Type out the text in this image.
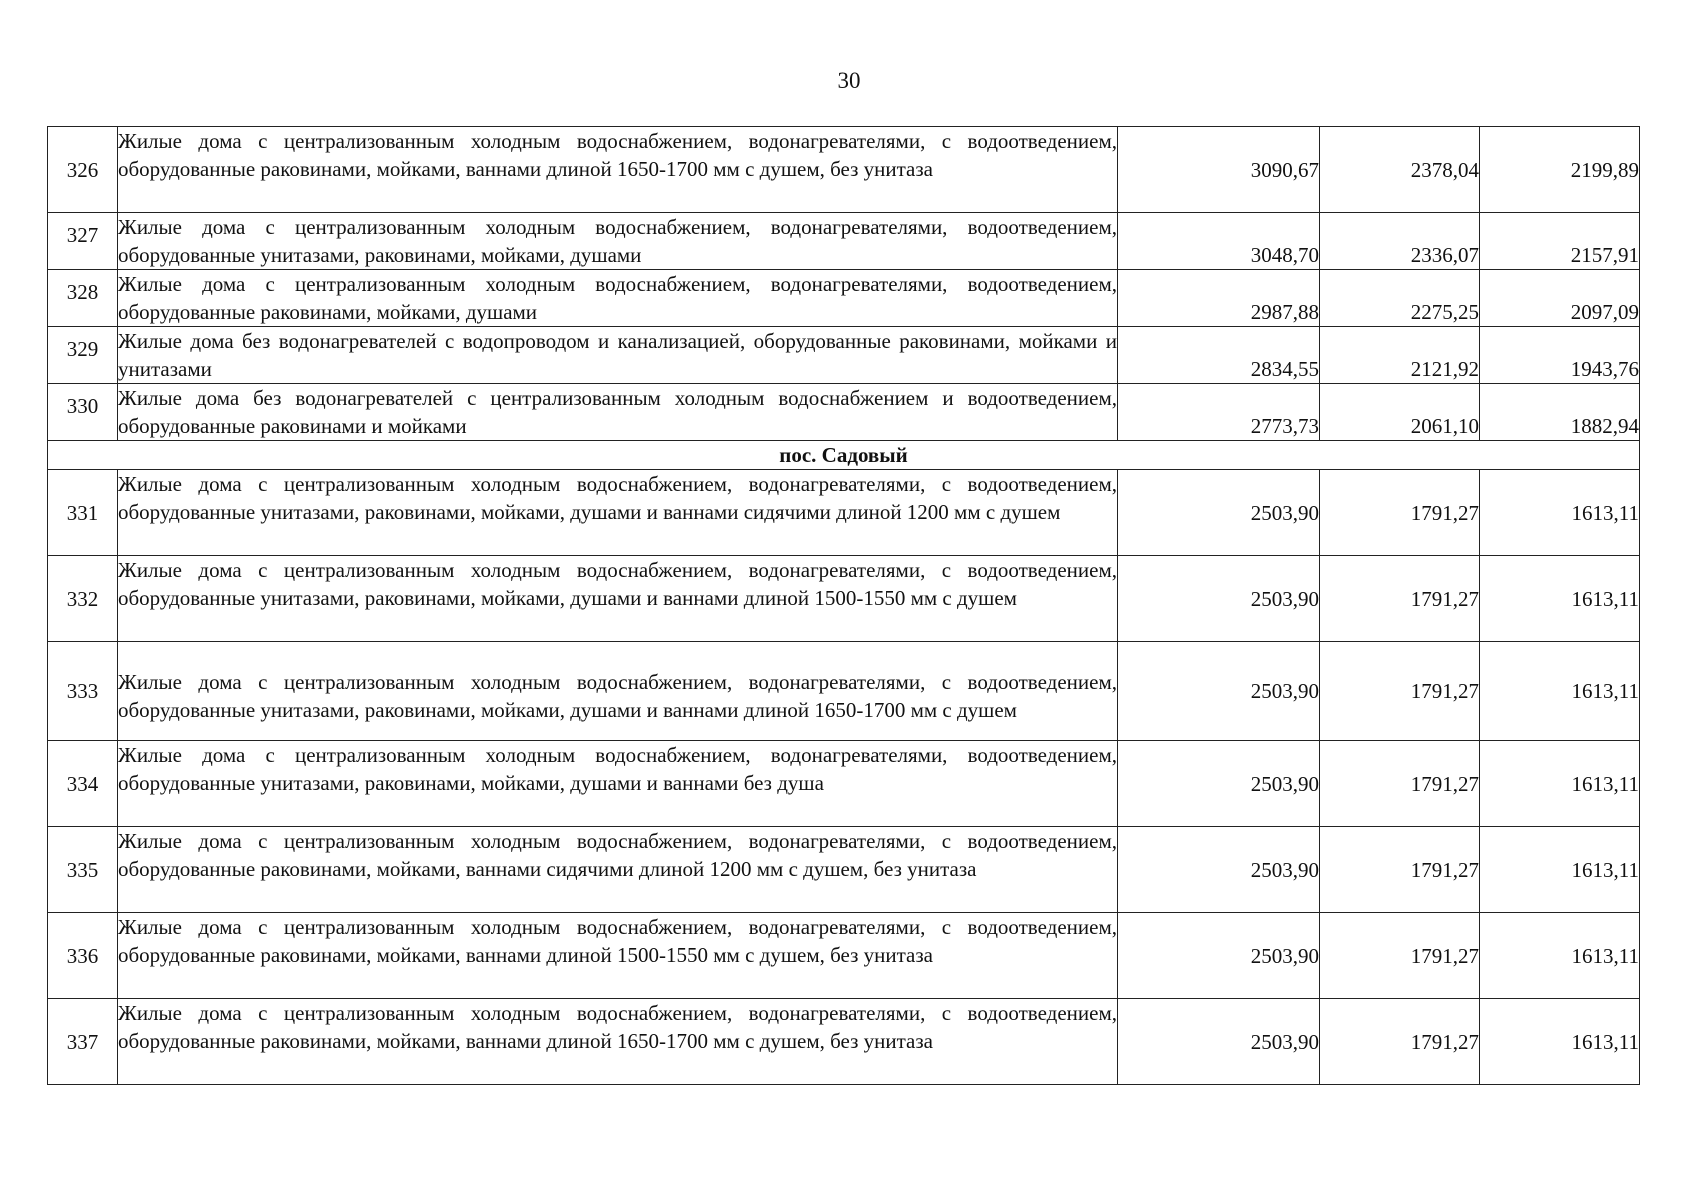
30
326	Жилые дома с централизованным холодным водоснабжением, водонагревателями, с водоотведением, оборудованные раковинами, мойками, ваннами длиной 1650-1700 мм с душем, без унитаза	3090,67	2378,04	2199,89
327	Жилые дома с централизованным холодным водоснабжением, водонагревателями, водоотведением, оборудованные унитазами, раковинами, мойками, душами	3048,70	2336,07	2157,91
328	Жилые дома с централизованным холодным водоснабжением, водонагревателями, водоотведением, оборудованные раковинами, мойками, душами	2987,88	2275,25	2097,09
329	Жилые дома без водонагревателей с водопроводом и канализацией, оборудованные раковинами, мойками и унитазами	2834,55	2121,92	1943,76
330	Жилые дома без водонагревателей с централизованным холодным водоснабжением и водоотведением, оборудованные раковинами и мойками	2773,73	2061,10	1882,94
пос. Садовый				
331	Жилые дома с централизованным холодным водоснабжением, водонагревателями, с водоотведением, оборудованные унитазами, раковинами, мойками, душами и ваннами сидячими длиной 1200 мм с душем	2503,90	1791,27	1613,11
332	Жилые дома с централизованным холодным водоснабжением, водонагревателями, с водоотведением, оборудованные унитазами, раковинами, мойками, душами и ваннами длиной 1500-1550 мм с душем	2503,90	1791,27	1613,11
333	Жилые дома с централизованным холодным водоснабжением, водонагревателями, с водоотведением, оборудованные унитазами, раковинами, мойками, душами и ваннами длиной 1650-1700 мм с душем	2503,90	1791,27	1613,11
334	Жилые дома с централизованным холодным водоснабжением, водонагревателями, водоотведением, оборудованные унитазами, раковинами, мойками, душами и ваннами без душа	2503,90	1791,27	1613,11
335	Жилые дома с централизованным холодным водоснабжением, водонагревателями, с водоотведением, оборудованные раковинами, мойками, ваннами сидячими длиной 1200 мм с душем, без унитаза	2503,90	1791,27	1613,11
336	Жилые дома с централизованным холодным водоснабжением, водонагревателями, с водоотведением, оборудованные раковинами, мойками, ваннами длиной 1500-1550 мм с душем, без унитаза	2503,90	1791,27	1613,11
337	Жилые дома с централизованным холодным водоснабжением, водонагревателями, с водоотведением, оборудованные раковинами, мойками, ваннами длиной 1650-1700 мм с душем, без унитаза	2503,90	1791,27	1613,11
